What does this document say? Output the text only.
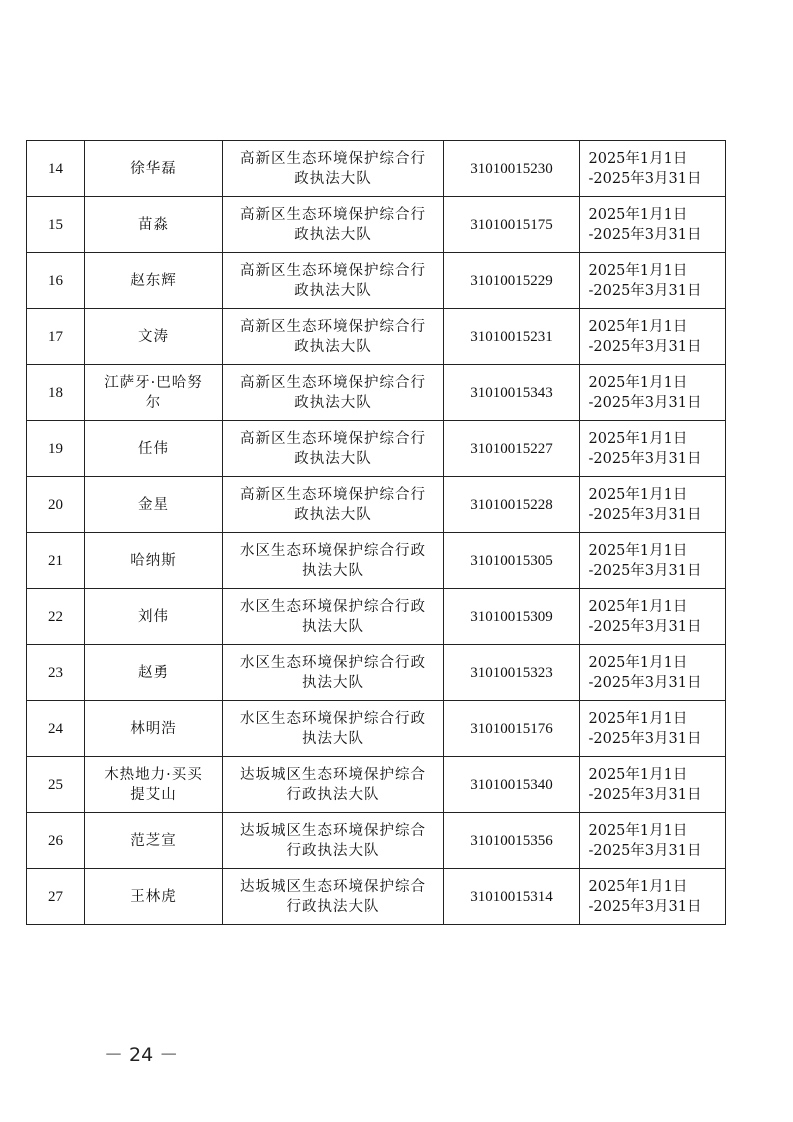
14	徐华磊	高新区生态环境保护综合行政执法大队	31010015230	2025年1月1日
-2025年3月31日
15	苗淼	高新区生态环境保护综合行政执法大队	31010015175	2025年1月1日
-2025年3月31日
16	赵东辉	高新区生态环境保护综合行政执法大队	31010015229	2025年1月1日
-2025年3月31日
17	文涛	高新区生态环境保护综合行政执法大队	31010015231	2025年1月1日
-2025年3月31日
18	江萨牙·巴哈努尔	高新区生态环境保护综合行政执法大队	31010015343	2025年1月1日
-2025年3月31日
19	任伟	高新区生态环境保护综合行政执法大队	31010015227	2025年1月1日
-2025年3月31日
20	金星	高新区生态环境保护综合行政执法大队	31010015228	2025年1月1日
-2025年3月31日
21	哈纳斯	水区生态环境保护综合行政执法大队	31010015305	2025年1月1日
-2025年3月31日
22	刘伟	水区生态环境保护综合行政执法大队	31010015309	2025年1月1日
-2025年3月31日
23	赵勇	水区生态环境保护综合行政执法大队	31010015323	2025年1月1日
-2025年3月31日
24	林明浩	水区生态环境保护综合行政执法大队	31010015176	2025年1月1日
-2025年3月31日
25	木热地力·买买提艾山	达坂城区生态环境保护综合行政执法大队	31010015340	2025年1月1日
-2025年3月31日
26	范芝宣	达坂城区生态环境保护综合行政执法大队	31010015356	2025年1月1日
-2025年3月31日
27	王林虎	达坂城区生态环境保护综合行政执法大队	31010015314	2025年1月1日
-2025年3月31日
－ 24 －
